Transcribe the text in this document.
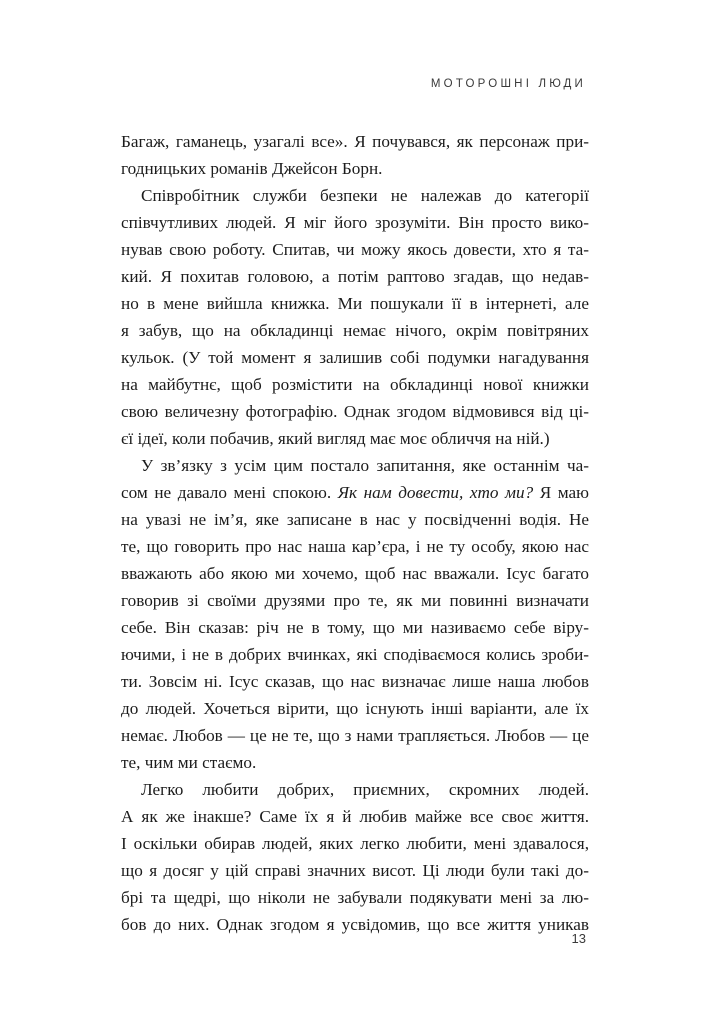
МОТОРОШНІ ЛЮДИ
Багаж, гаманець, узагалі все». Я почувався, як персонаж при-
годницьких романів Джейсон Борн.
Співробітник служби безпеки не належав до категорії
співчутливих людей. Я міг його зрозуміти. Він просто вико-
нував свою роботу. Спитав, чи можу якось довести, хто я та-
кий. Я похитав головою, а потім раптово згадав, що недав-
но в мене вийшла книжка. Ми пошукали її в інтернеті, але
я забув, що на обкладинці немає нічого, окрім повітряних
кульок. (У той момент я залишив собі подумки нагадування
на майбутнє, щоб розмістити на обкладинці нової книжки
свою величезну фотографію. Однак згодом відмовився від ці-
єї ідеї, коли побачив, який вигляд має моє обличчя на ній.)
У зв’язку з усім цим постало запитання, яке останнім ча-
сом не давало мені спокою. Як нам довести, хто ми? Я маю
на увазі не ім’я, яке записане в нас у посвідченні водія. Не
те, що говорить про нас наша кар’єра, і не ту особу, якою нас
вважають або якою ми хочемо, щоб нас вважали. Ісус багато
говорив зі своїми друзями про те, як ми повинні визначати
себе. Він сказав: річ не в тому, що ми називаємо себе віру-
ючими, і не в добрих вчинках, які сподіваємося колись зроби-
ти. Зовсім ні. Ісус сказав, що нас визначає лише наша любов
до людей. Хочеться вірити, що існують інші варіанти, але їх
немає. Любов — це не те, що з нами трапляється. Любов — це
те, чим ми стаємо.
Легко любити добрих, приємних, скромних людей.
А як же інакше? Саме їх я й любив майже все своє життя.
І оскільки обирав людей, яких легко любити, мені здавалося,
що я досяг у цій справі значних висот. Ці люди були такі до-
брі та щедрі, що ніколи не забували подякувати мені за лю-
бов до них. Однак згодом я усвідомив, що все життя уникав
13
